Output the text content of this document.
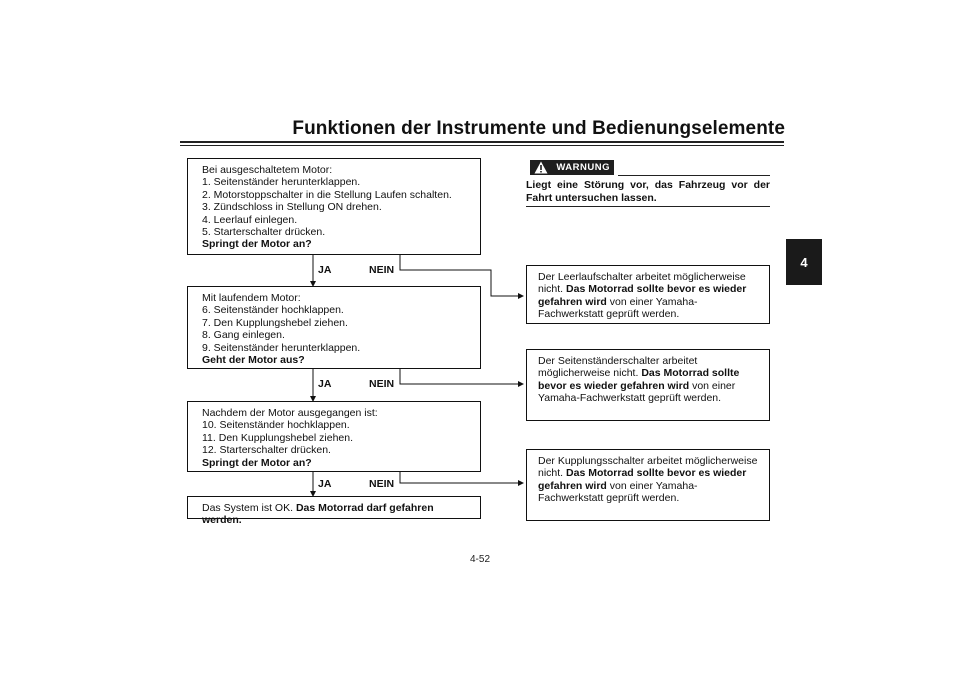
Funktionen der Instrumente und Bedienungselemente
4
Bei ausgeschaltetem Motor:
1. Seitenständer herunterklappen.
2. Motorstoppschalter in die Stellung Laufen schalten.
3. Zündschloss in Stellung ON drehen.
4. Leerlauf einlegen.
5. Starterschalter drücken.
Springt der Motor an?
JA	NEIN
Mit laufendem Motor:
6. Seitenständer hochklappen.
7. Den Kupplungshebel ziehen.
8. Gang einlegen.
9. Seitenständer herunterklappen.
Geht der Motor aus?
JA	NEIN
Nachdem der Motor ausgegangen ist:
10. Seitenständer hochklappen.
11. Den Kupplungshebel ziehen.
12. Starterschalter drücken.
Springt der Motor an?
JA	NEIN
Das System ist OK. Das Motorrad darf gefahren werden.
WARNUNG
Liegt eine Störung vor, das Fahrzeug vor der Fahrt untersuchen lassen.
Der Leerlaufschalter arbeitet möglicherweise nicht. Das Motorrad sollte bevor es wieder gefahren wird von einer Yamaha-Fachwerkstatt geprüft werden.
Der Seitenständerschalter arbeitet möglicherweise nicht. Das Motorrad sollte bevor es wieder gefahren wird von einer Yamaha-Fachwerkstatt geprüft werden.
Der Kupplungsschalter arbeitet möglicherweise nicht. Das Motorrad sollte bevor es wieder gefahren wird von einer Yamaha-Fachwerkstatt geprüft werden.
4-52
